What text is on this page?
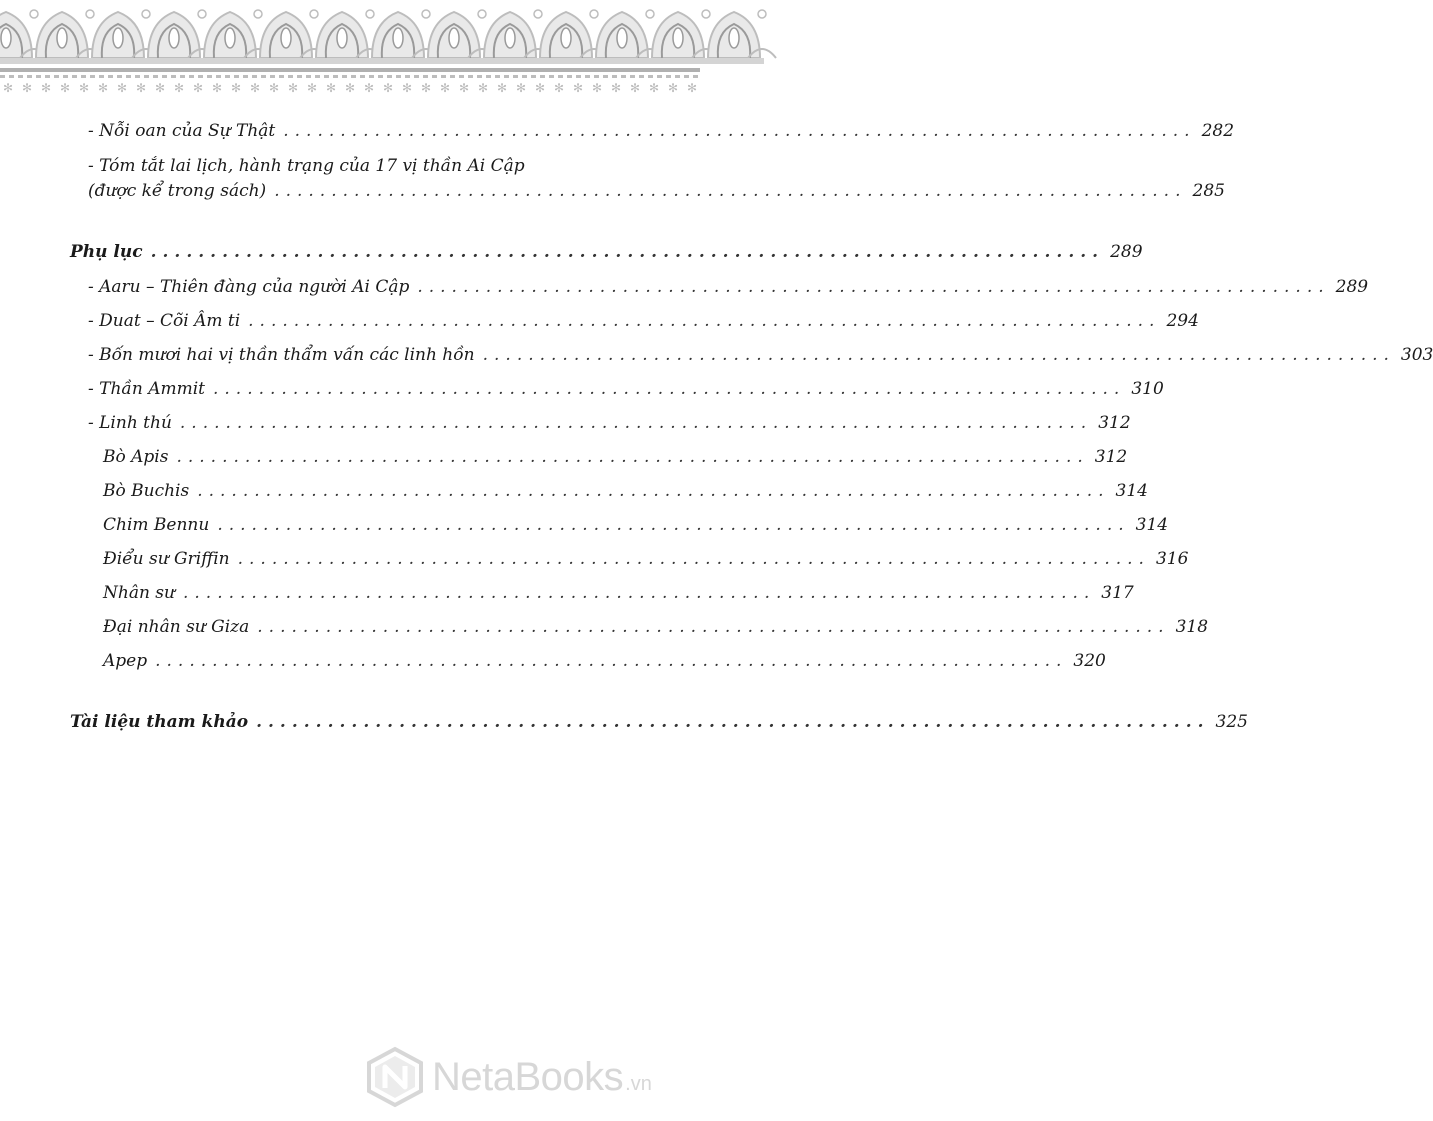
✻ ✻ ✻ ✻ ✻ ✻ ✻ ✻ ✻ ✻ ✻ ✻ ✻ ✻ ✻ ✻ ✻ ✻ ✻ ✻ ✻ ✻ ✻ ✻ ✻ ✻ ✻ ✻ ✻ ✻ ✻ ✻ ✻ ✻ ✻ ✻ ✻
- Nỗi oan của Sự Thật ................................................................................ 282
- Tóm tắt lai lịch, hành trạng của 17 vị thần Ai Cập
(được kể trong sách) ................................................................................ 285
Phụ lục ................................................................................ 289
- Aaru – Thiên đàng của người Ai Cập ................................................................................ 289
- Duat – Cõi Âm ti ................................................................................ 294
- Bốn mươi hai vị thần thẩm vấn các linh hồn ................................................................................ 303
- Thần Ammit ................................................................................ 310
- Linh thú ................................................................................ 312
Bò Apis ................................................................................ 312
Bò Buchis ................................................................................ 314
Chim Bennu ................................................................................ 314
Điểu sư Griffin ................................................................................ 316
Nhân sư ................................................................................ 317
Đại nhân sư Giza ................................................................................ 318
Apep ................................................................................ 320
Tài liệu tham khảo ................................................................................ 325
NetaBooks .vn
